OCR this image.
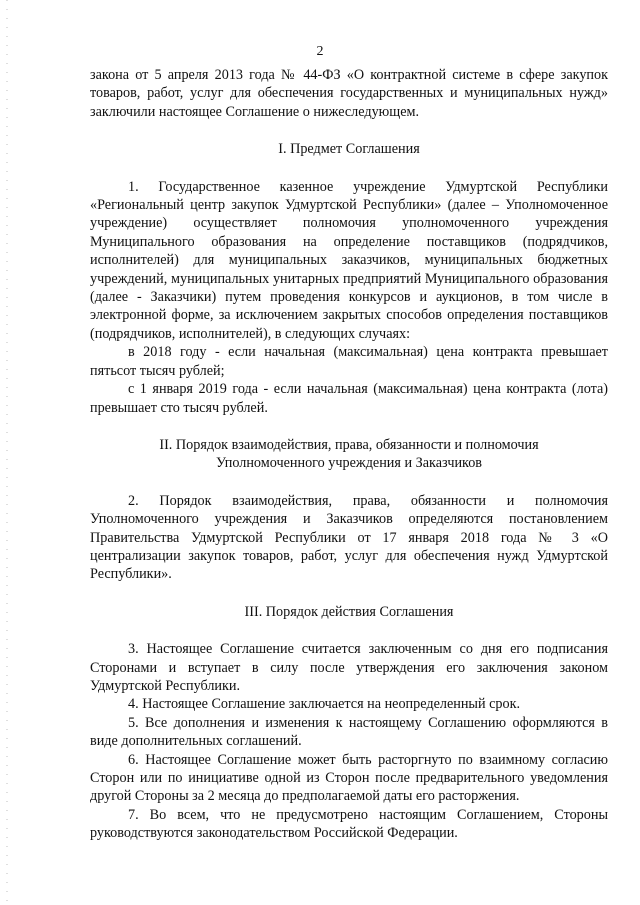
2

закона от 5 апреля 2013 года № 44-ФЗ «О контрактной системе в сфере закупок товаров, работ, услуг для обеспечения государственных и муниципальных нужд» заключили настоящее Соглашение о нижеследующем.

I. Предмет Соглашения

1. Государственное казенное учреждение Удмуртской Республики «Региональный центр закупок Удмуртской Республики» (далее – Уполномоченное учреждение) осуществляет полномочия уполномоченного учреждения Муниципального образования на определение поставщиков (подрядчиков, исполнителей) для муниципальных заказчиков, муниципальных бюджетных учреждений, муниципальных унитарных предприятий Муниципального образования (далее - Заказчики) путем проведения конкурсов и аукционов, в том числе в электронной форме, за исключением закрытых способов определения поставщиков (подрядчиков, исполнителей), в следующих случаях:

в 2018 году - если начальная (максимальная) цена контракта превышает пятьсот тысяч рублей;

с 1 января 2019 года - если начальная (максимальная) цена контракта (лота) превышает сто тысяч рублей.

II. Порядок взаимодействия, права, обязанности и полномочия

Уполномоченного учреждения и Заказчиков

2. Порядок взаимодействия, права, обязанности и полномочия Уполномоченного учреждения и Заказчиков определяются постановлением Правительства Удмуртской Республики от 17 января 2018 года № 3 «О централизации закупок товаров, работ, услуг для обеспечения нужд Удмуртской Республики».

III. Порядок действия Соглашения

3. Настоящее Соглашение считается заключенным со дня его подписания Сторонами и вступает в силу после утверждения его заключения законом Удмуртской Республики.

4. Настоящее Соглашение заключается на неопределенный срок.

5. Все дополнения и изменения к настоящему Соглашению оформляются в виде дополнительных соглашений.

6. Настоящее Соглашение может быть расторгнуто по взаимному согласию Сторон или по инициативе одной из Сторон после предварительного уведомления другой Стороны за 2 месяца до предполагаемой даты его расторжения.

7. Во всем, что не предусмотрено настоящим Соглашением, Стороны руководствуются законодательством Российской Федерации.
